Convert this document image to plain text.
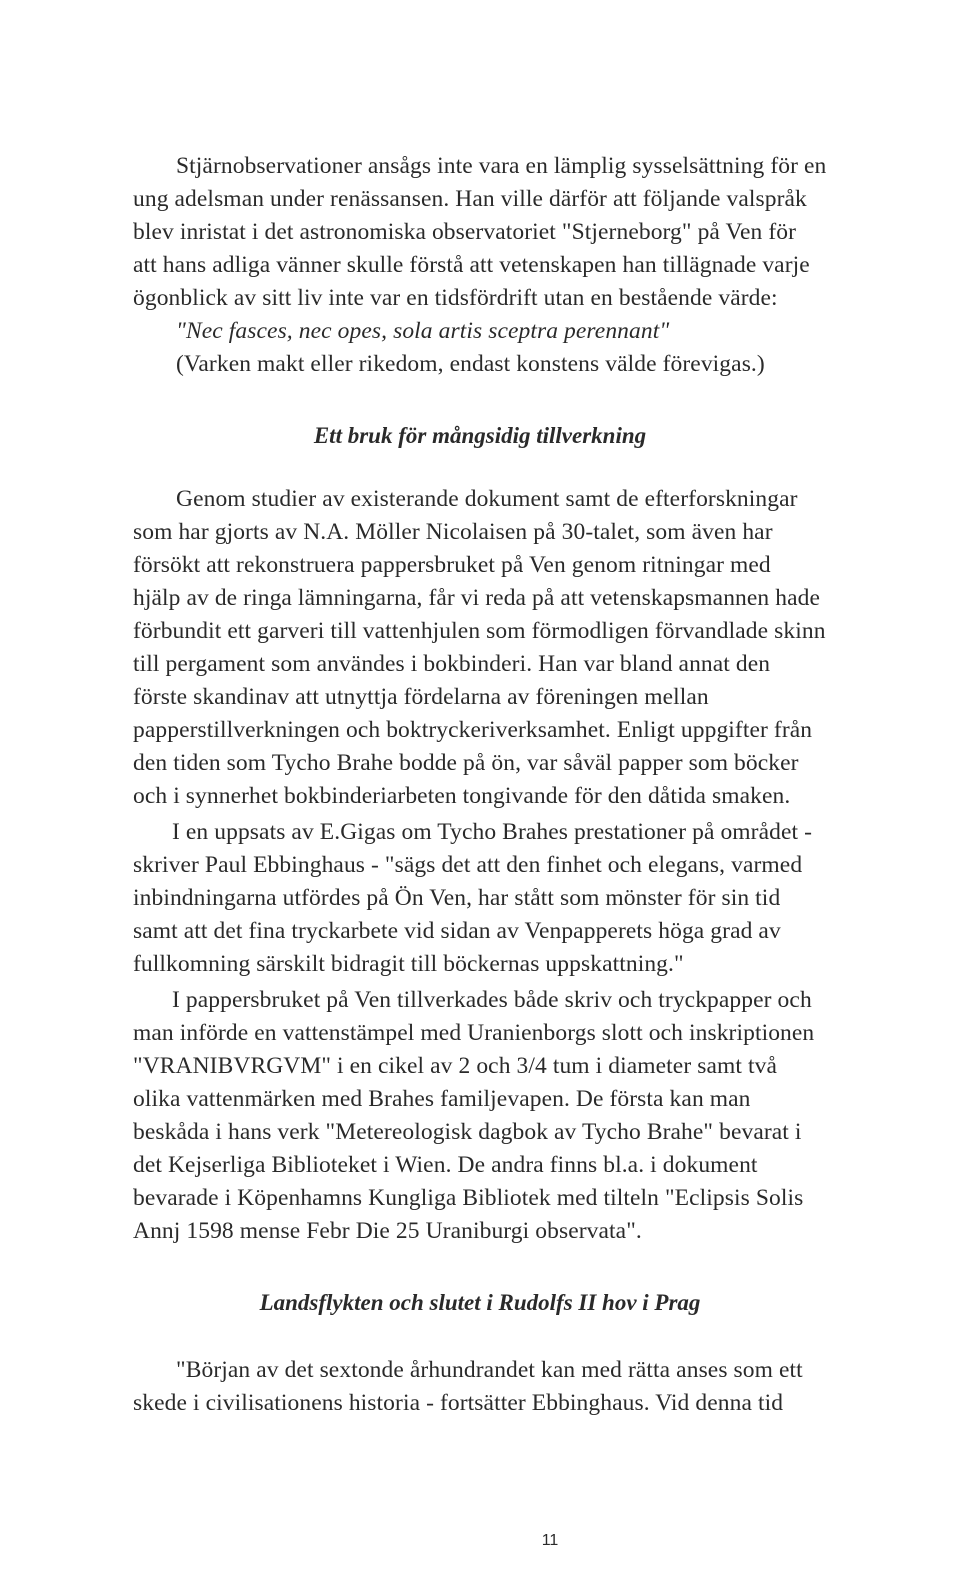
Stjärnobservationer ansågs inte vara en lämplig sysselsättning för en
ung adelsman under renässansen. Han ville därför att följande valspråk
blev inristat i det astronomiska observatoriet "Stjerneborg" på Ven för
att hans adliga vänner skulle förstå att vetenskapen han tillägnade varje
ögonblick av sitt liv inte var en tidsfördrift utan en bestående värde:
"Nec fasces, nec opes, sola artis sceptra perennant"
(Varken makt eller rikedom, endast konstens välde förevigas.)
Ett bruk för mångsidig tillverkning
Genom studier av existerande dokument samt de efterforskningar
som har gjorts av N.A. Möller Nicolaisen på 30-talet, som även har
försökt att rekonstruera pappersbruket på Ven genom ritningar med
hjälp av de ringa lämningarna, får vi reda på att vetenskapsmannen hade
förbundit ett garveri till vattenhjulen som förmodligen förvandlade skinn
till pergament som användes i bokbinderi. Han var bland annat den
förste skandinav att utnyttja fördelarna av föreningen mellan
papperstillverkningen och boktryckeriverksamhet. Enligt uppgifter från
den tiden som Tycho Brahe bodde på ön, var såväl papper som böcker
och i synnerhet bokbinderiarbeten tongivande för den dåtida smaken.
I en uppsats av E.Gigas om Tycho Brahes prestationer på området -
skriver Paul Ebbinghaus - "sägs det att den finhet och elegans, varmed
inbindningarna utfördes på Ön Ven, har stått som mönster för sin tid
samt att det fina tryckarbete vid sidan av Venpapperets höga grad av
fullkomning särskilt bidragit till böckernas uppskattning."
I pappersbruket på Ven tillverkades både skriv och tryckpapper och
man införde en vattenstämpel med Uranienborgs slott och inskriptionen
"VRANIBVRGVM" i en cikel av 2 och 3/4 tum i diameter samt två
olika vattenmärken med Brahes familjevapen. De första kan man
beskåda i hans verk "Metereologisk dagbok av Tycho Brahe" bevarat i
det Kejserliga Biblioteket i Wien. De andra finns bl.a. i dokument
bevarade i Köpenhamns Kungliga Bibliotek med tilteln "Eclipsis Solis
Annj 1598 mense Febr Die 25 Uraniburgi observata".
Landsflykten och slutet i Rudolfs II hov i Prag
"Början av det sextonde århundrandet kan med rätta anses som ett
skede i civilisationens historia - fortsätter Ebbinghaus. Vid denna tid
11
